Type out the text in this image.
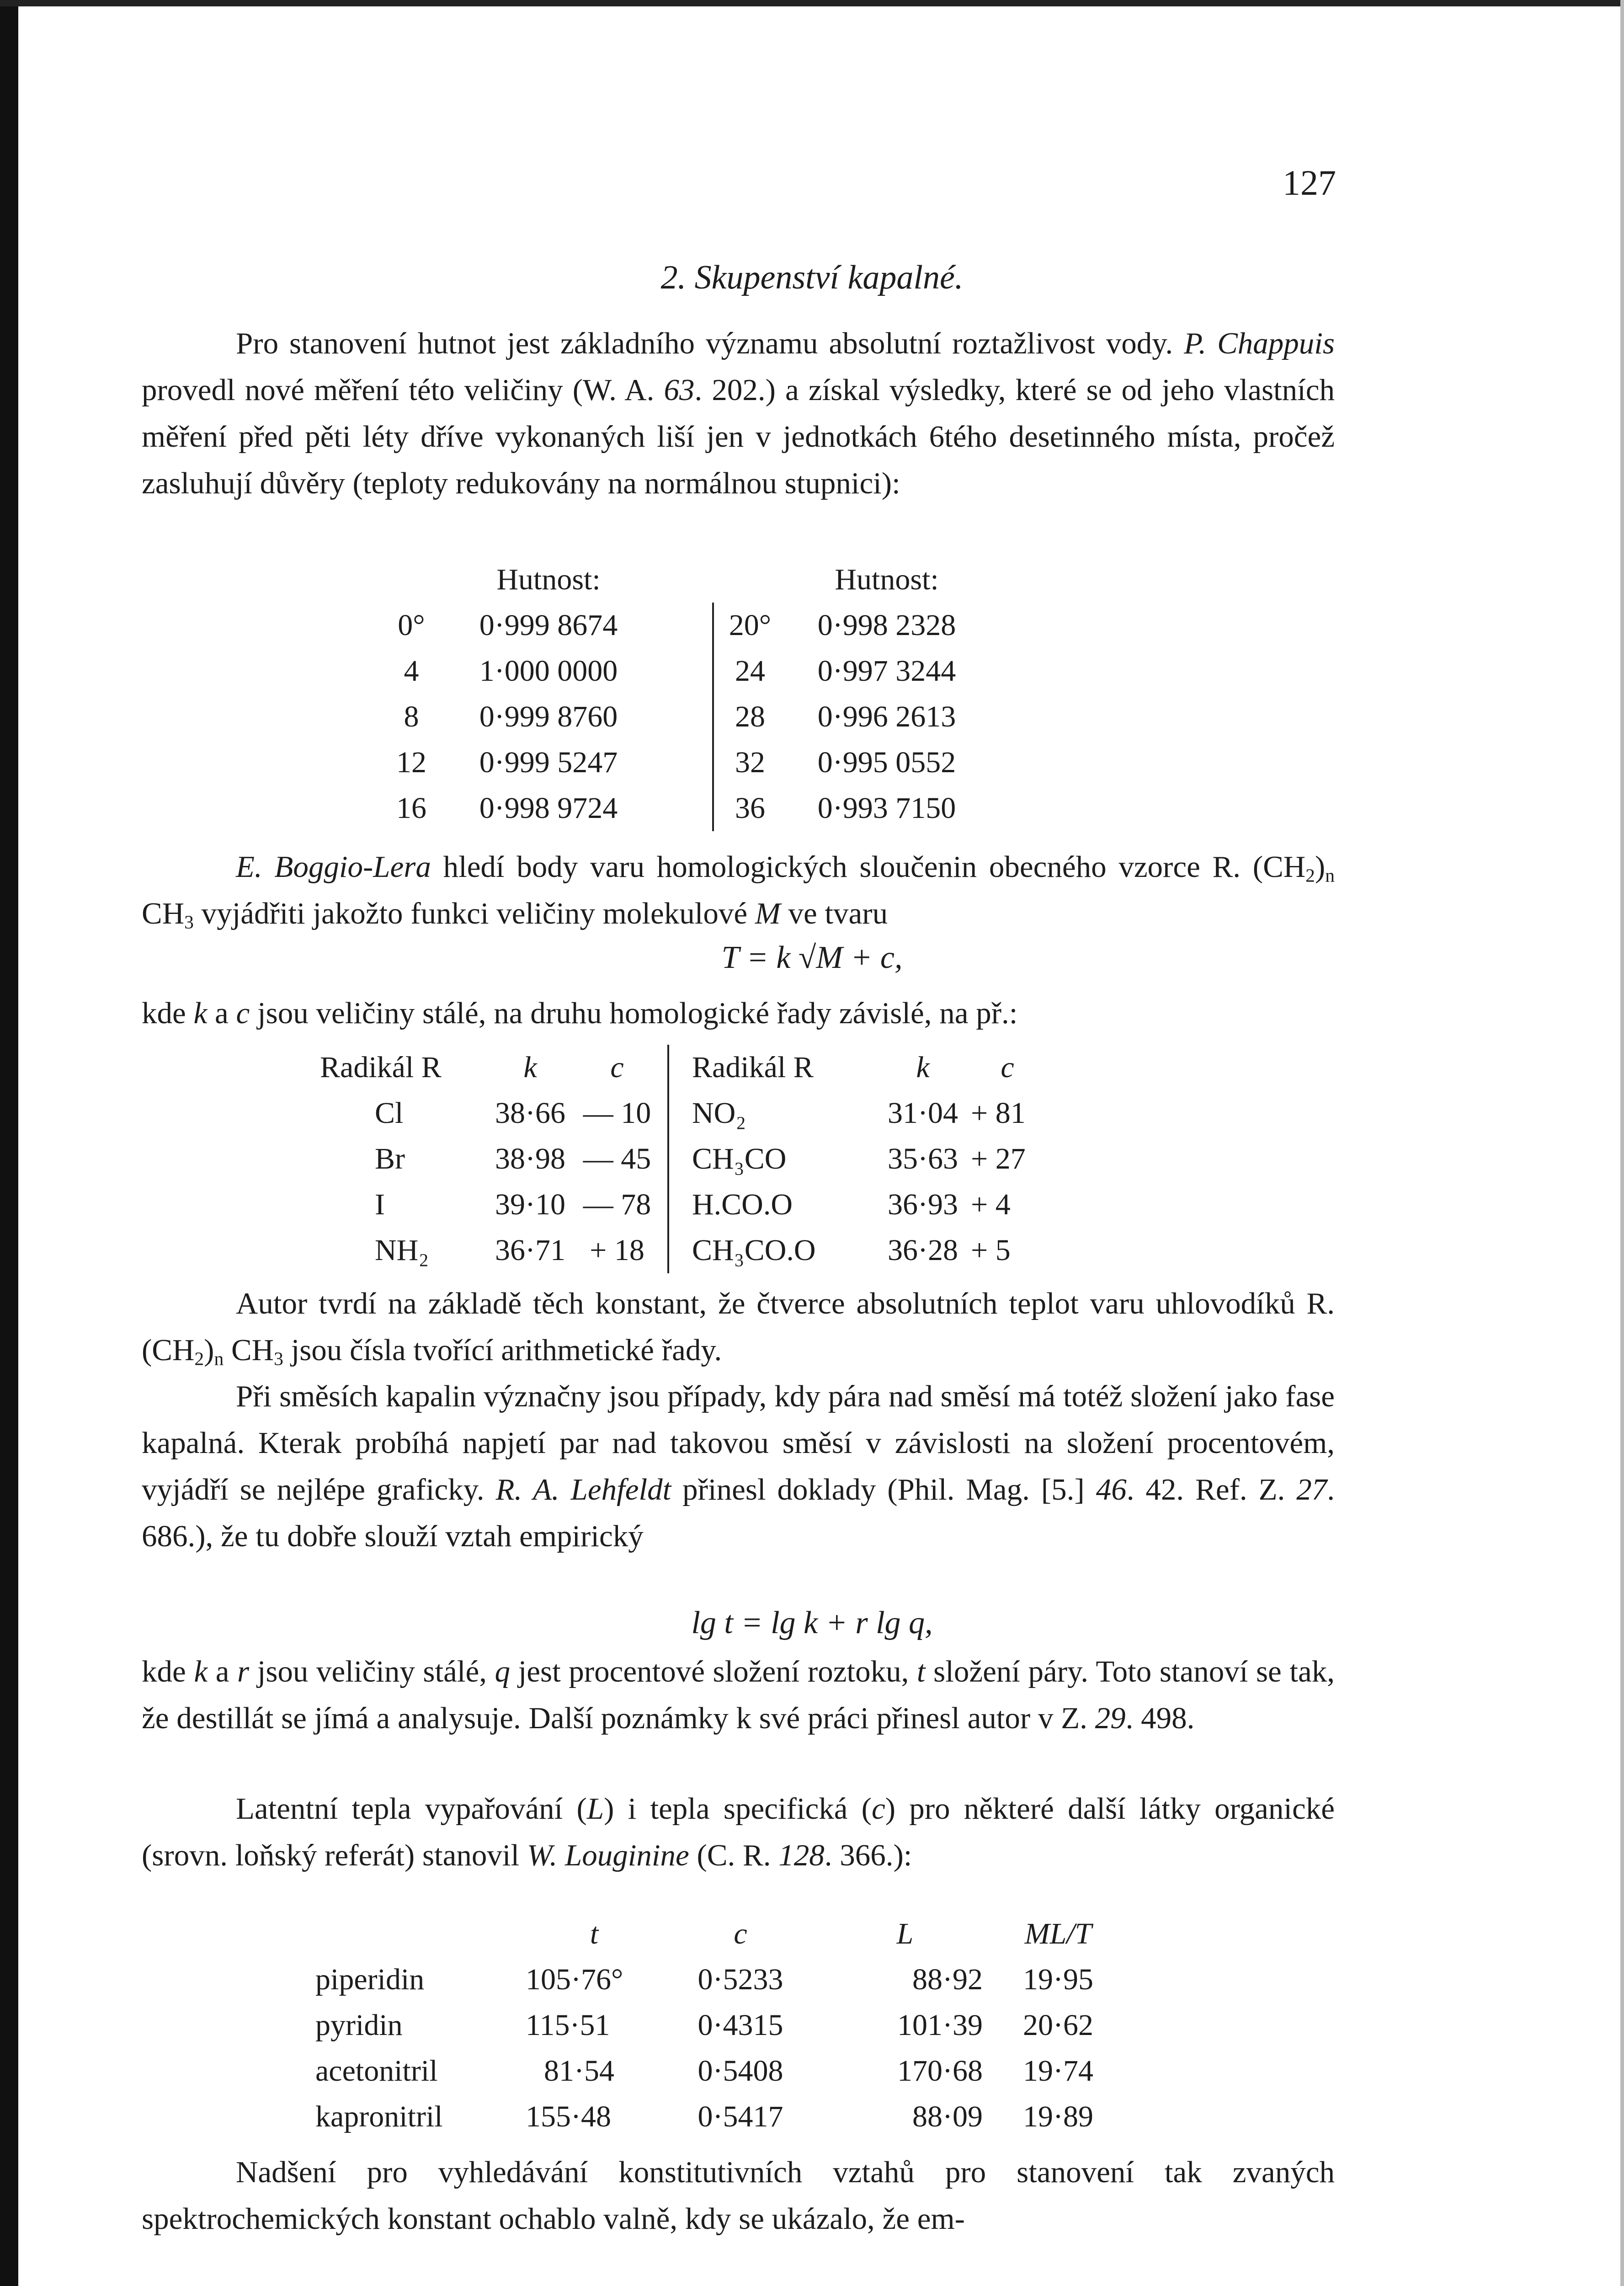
127
2. Skupenství kapalné.

Pro stanovení hutnot jest základního významu absolutní roztažlivost vody. P. Chappuis provedl nové měření této veličiny (W. A. 63. 202.) a získal výsledky, které se od jeho vlastních měření před pěti léty dříve vykonaných liší jen v jednotkách 6tého desetinného místa, pročež zasluhují důvěry (teploty redukovány na normálnou stupnici):

	Hutnost:			Hutnost:
0°	0·999 8674		20°	0·998 2328
4	1·000 0000		24	0·997 3244
8	0·999 8760		28	0·996 2613
12	0·999 5247		32	0·995 0552
16	0·998 9724		36	0·993 7150

E. Boggio-Lera hledí body varu homologických sloučenin obecného vzorce R. $(CH_2)_n$ $CH_3$ vyjádřiti jakožto funkci veličiny molekulové M ve tvaru

T = k √M + c,

kde k a c jsou veličiny stálé, na druhu homologické řady závislé, na př.:

Radikál R	k	c	Radikál R	k	c
Cl	38·66	— 10	NO₂	31·04	+ 81
Br	38·98	— 45	CH₃CO	35·63	+ 27
I	39·10	— 78	H.CO.O	36·93	+ 4
NH₂	36·71	+ 18	CH₃CO.O	36·28	+ 5

Autor tvrdí na základě těch konstant, že čtverce absolutních teplot varu uhlovodíků R. $(CH_2)_n$ $CH_3$ jsou čísla tvořící arithmetické řady.

Při směsích kapalin význačny jsou případy, kdy pára nad směsí má totéž složení jako fase kapalná. Kterak probíhá napjetí par nad takovou směsí v závislosti na složení procentovém, vyjádří se nejlépe graficky. R. A. Lehfeldt přinesl doklady (Phil. Mag. [5.] 46. 42. Ref. Z. 27. 686.), že tu dobře slouží vztah empirický

lg t = lg k + r lg q,

kde k a r jsou veličiny stálé, q jest procentové složení roztoku, t složení páry. Toto stanoví se tak, že destillát se jímá a analysuje. Další poznámky k své práci přinesl autor v Z. 29. 498.

Latentní tepla vypařování (L) i tepla specifická (c) pro některé další látky organické (srovn. loňský referát) stanovil W. Louginine (C. R. 128. 366.):

	t	c	L	ML/T
piperidin	105·76°	0·5233	88·92	19·95
pyridin	115·51	0·4315	101·39	20·62
acetonitril	81·54	0·5408	170·68	19·74
kapronitril	155·48	0·5417	88·09	19·89

Nadšení pro vyhledávání konstitutivních vztahů pro stanovení tak zvaných spektrochemických konstant ochablo valně, kdy se ukázalo, že em-
